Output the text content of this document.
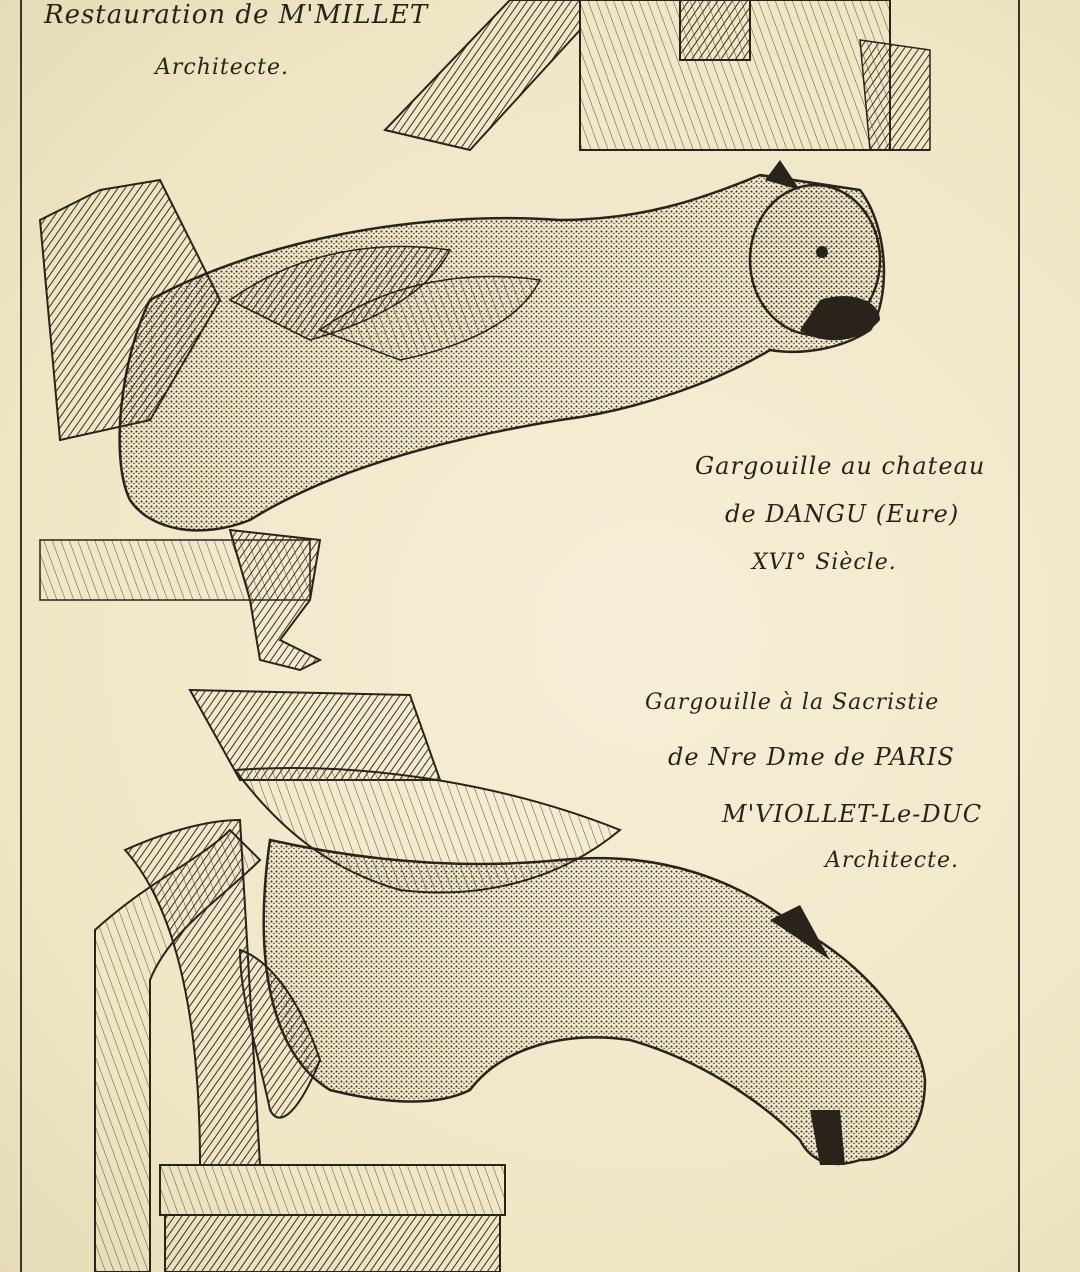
Restauration de M'MILLET
Architecte.
Gargouille au chateau
de DANGU (Eure)
XVI° Siècle.
Gargouille à la Sacristie
de Nre Dme de PARIS
M'VIOLLET-Le-DUC
Architecte.
